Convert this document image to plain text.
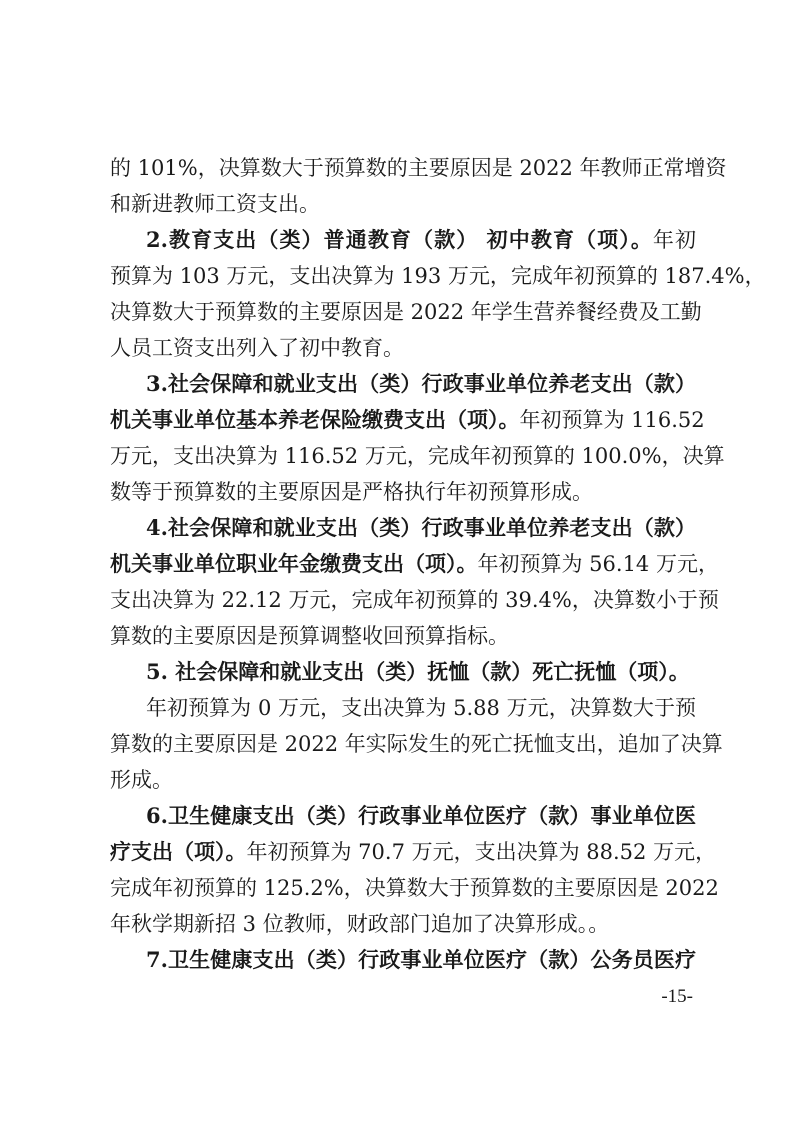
的 101%，决算数大于预算数的主要原因是 2022 年教师正常增资
和新进教师工资支出。
2.教育支出（类）普通教育（款） 初中教育（项）。年初
预算为 103 万元，支出决算为 193 万元，完成年初预算的 187.4%，
决算数大于预算数的主要原因是 2022 年学生营养餐经费及工勤
人员工资支出列入了初中教育。
3.社会保障和就业支出（类）行政事业单位养老支出（款）
机关事业单位基本养老保险缴费支出（项）。年初预算为 116.52
万元，支出决算为 116.52 万元，完成年初预算的 100.0%，决算
数等于预算数的主要原因是严格执行年初预算形成。
4.社会保障和就业支出（类）行政事业单位养老支出（款）
机关事业单位职业年金缴费支出（项）。年初预算为 56.14 万元，
支出决算为 22.12 万元，完成年初预算的 39.4%，决算数小于预
算数的主要原因是预算调整收回预算指标。
5. 社会保障和就业支出（类）抚恤（款）死亡抚恤（项）。
年初预算为 0 万元，支出决算为 5.88 万元，决算数大于预
算数的主要原因是 2022 年实际发生的死亡抚恤支出，追加了决算
形成。
6.卫生健康支出（类）行政事业单位医疗（款）事业单位医
疗支出（项）。年初预算为 70.7 万元，支出决算为 88.52 万元，
完成年初预算的 125.2%，决算数大于预算数的主要原因是 2022
年秋学期新招 3 位教师，财政部门追加了决算形成。。
7.卫生健康支出（类）行政事业单位医疗（款）公务员医疗
-15-
